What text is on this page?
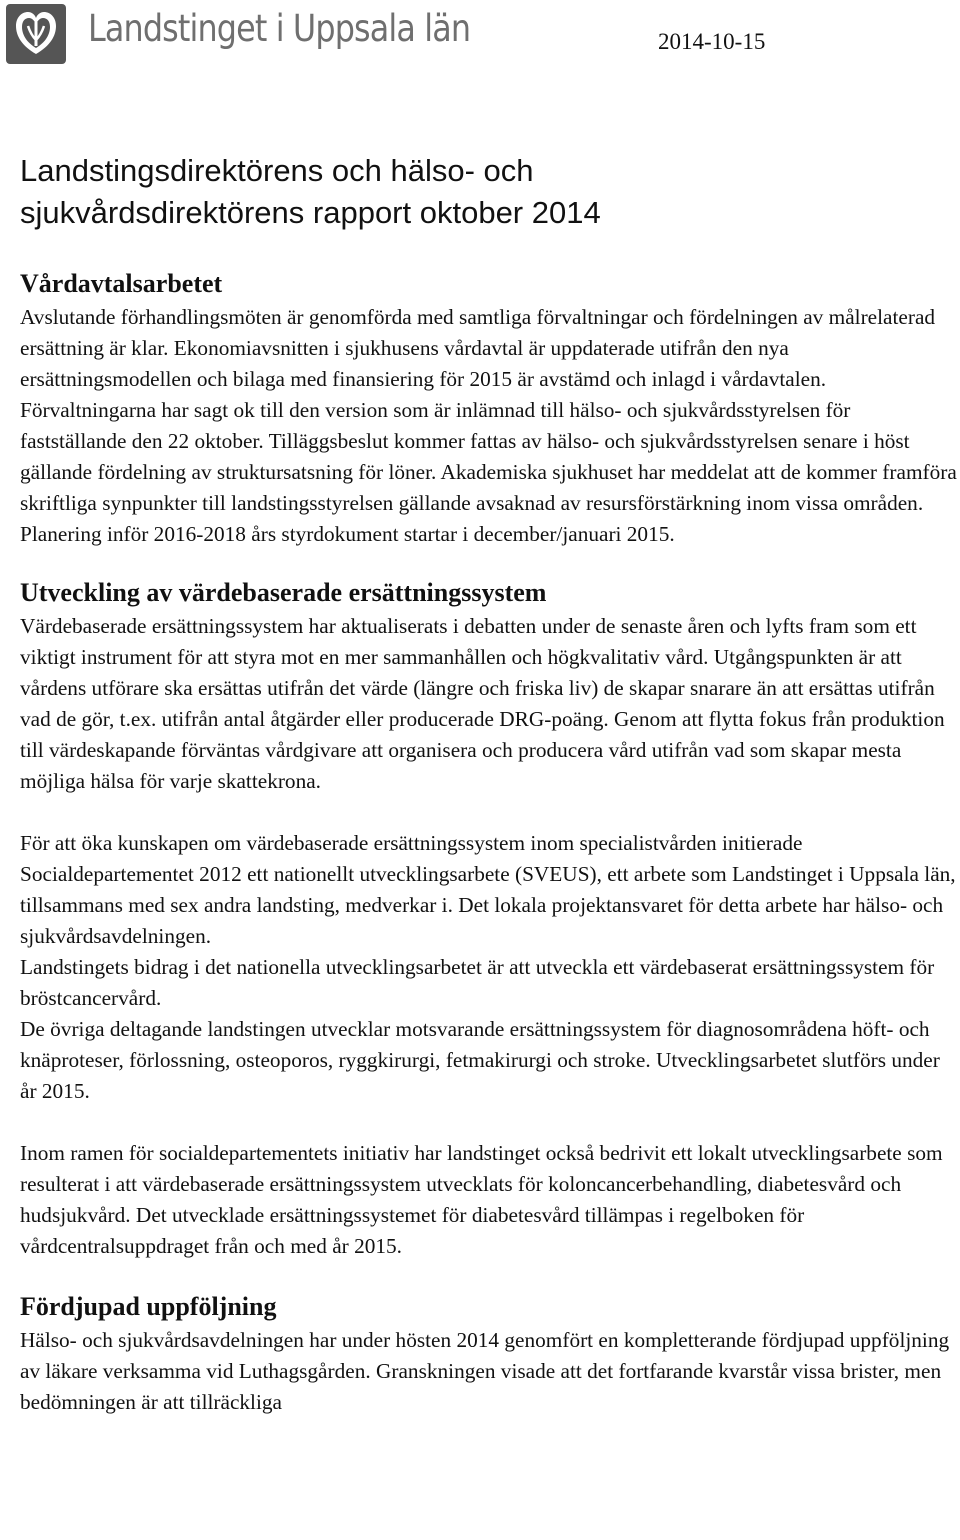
Landstinget i Uppsala län	2014-10-15
Landstingsdirektörens och hälso- och
sjukvårdsdirektörens rapport oktober 2014
Vårdavtalsarbetet

Avslutande förhandlingsmöten är genomförda med samtliga förvaltningar och fördelningen av målrelaterad ersättning är klar. Ekonomiavsnitten i sjukhusens vårdavtal är uppdaterade utifrån den nya ersättningsmodellen och bilaga med finansiering för 2015 är avstämd och inlagd i vårdavtalen. Förvaltningarna har sagt ok till den version som är inlämnad till hälso- och sjukvårdsstyrelsen för fastställande den 22 oktober. Tilläggsbeslut kommer fattas av hälso- och sjukvårdsstyrelsen senare i höst gällande fördelning av struktursatsning för löner. Akademiska sjukhuset har meddelat att de kommer framföra skriftliga synpunkter till landstingsstyrelsen gällande avsaknad av resursförstärkning inom vissa områden. Planering inför 2016-2018 års styrdokument startar i december/januari 2015.

Utveckling av värdebaserade ersättningssystem

Värdebaserade ersättningssystem har aktualiserats i debatten under de senaste åren och lyfts fram som ett viktigt instrument för att styra mot en mer sammanhållen och högkvalitativ vård. Utgångspunkten är att vårdens utförare ska ersättas utifrån det värde (längre och friska liv) de skapar snarare än att ersättas utifrån vad de gör, t.ex. utifrån antal åtgärder eller producerade DRG-poäng. Genom att flytta fokus från produktion till värdeskapande förväntas vårdgivare att organisera och producera vård utifrån vad som skapar mesta möjliga hälsa för varje skattekrona.

För att öka kunskapen om värdebaserade ersättningssystem inom specialistvården initierade Socialdepartementet 2012 ett nationellt utvecklingsarbete (SVEUS), ett arbete som Landstinget i Uppsala län, tillsammans med sex andra landsting, medverkar i. Det lokala projektansvaret för detta arbete har hälso- och sjukvårdsavdelningen.

Landstingets bidrag i det nationella utvecklingsarbetet är att utveckla ett värdebaserat ersättningssystem för bröstcancervård.

De övriga deltagande landstingen utvecklar motsvarande ersättningssystem för diagnosområdena höft- och knäproteser, förlossning, osteoporos, ryggkirurgi, fetmakirurgi och stroke. Utvecklingsarbetet slutförs under år 2015.

Inom ramen för socialdepartementets initiativ har landstinget också bedrivit ett lokalt utvecklingsarbete som resulterat i att värdebaserade ersättningssystem utvecklats för koloncancerbehandling, diabetesvård och hudsjukvård. Det utvecklade ersättningssystemet för diabetesvård tillämpas i regelboken för vårdcentralsuppdraget från och med år 2015.

Fördjupad uppföljning

Hälso- och sjukvårdsavdelningen har under hösten 2014 genomfört en kompletterande fördjupad uppföljning av läkare verksamma vid Luthagsgården. Granskningen visade att det fortfarande kvarstår vissa brister, men bedömningen är att tillräckliga
